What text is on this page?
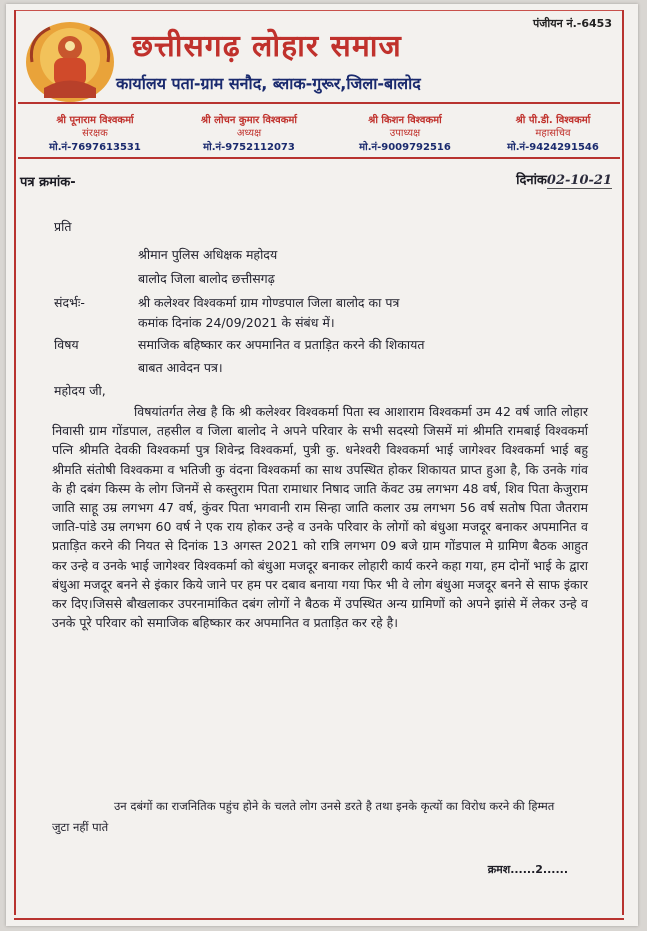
पंजीयन नं.-6453
छत्तीसगढ़ लोहार समाज
कार्यालय पता-ग्राम सनौद, ब्लाक-गुरूर,जिला-बालोद
श्री पूनाराम विश्वकर्मा
संरक्षक
मो.नं-7697613531
श्री लोचन कुमार विश्वकर्मा
अध्यक्ष
मो.नं-9752112073
श्री किशन विश्वकर्मा
उपाध्यक्ष
मो.नं-9009792516
श्री पी.डी. विश्वकर्मा
महासचिव
मो.नं-9424291546
पत्र क्रमांक-	दिनांक02-10-21
प्रति
श्रीमान पुलिस अधिक्षक महोदय
बालोद जिला बालोद छत्तीसगढ़
संदर्भः-	श्री कलेश्वर विश्वकर्मा ग्राम गोण्डपाल जिला बालोद का पत्र
कमांक दिनांक 24/09/2021 के संबंध में।
विषय	समाजिक बहिष्कार कर अपमानित व प्रताड़ित करने की शिकायत
बाबत आवेदन पत्र।
महोदय जी,
विषयांतर्गत लेख है कि श्री कलेश्वर विश्वकर्मा पिता स्व आशाराम विश्वकर्मा उम 42 वर्ष जाति लोहार निवासी ग्राम गोंडपाल, तहसील व जिला बालोद ने अपने परिवार के सभी सदस्यो जिसमें मां श्रीमति रामबाई विश्वकर्मा पत्नि श्रीमति देवकी विश्वकर्मा पुत्र शिवेन्द्र विश्वकर्मा, पुत्री कु. धनेश्वरी विश्वकर्मा भाई जागेश्वर विश्वकर्मा भाई बहु श्रीमति संतोषी विश्वकमा व भतिजी कु वंदना विश्वकर्मा का साथ उपस्थित होकर शिकायत प्राप्त हुआ है, कि उनके गांव के ही दबंग किस्म के लोग जिनमें से कस्तुराम पिता रामाधार निषाद जाति केंवट उम्र लगभग 48 वर्ष, शिव पिता केजुराम जाति साहू उम्र लगभग 47 वर्ष, कुंवर पिता भगवानी राम सिन्हा जाति कलार उम्र लगभग 56 वर्ष सतोष पिता जैतराम जाति-पांडे उम्र लगभग 60 वर्ष ने एक राय होकर उन्हे व उनके परिवार के लोगों को बंधुआ मजदूर बनाकर अपमानित व प्रताड़ित करने की नियत से दिनांक 13 अगस्त 2021 को रात्रि लगभग 09 बजे ग्राम गोंडपाल मे ग्रामिण बैठक आहुत कर उन्हे व उनके भाई जागेश्वर विश्वकर्मा को बंधुआ मजदूर बनाकर लोहारी कार्य करने कहा गया, हम दोनों भाई के द्वारा बंधुआ मजदूर बनने से इंकार किये जाने पर हम पर दबाव बनाया गया फिर भी वे लोग बंधुआ मजदूर बनने से साफ इंकार कर दिए।जिससे बौखलाकर उपरनामांकित दबंग लोगों ने बैठक में उपस्थित अन्य ग्रामिणों को अपने झांसे में लेकर उन्हे व उनके पूरे परिवार को समाजिक बहिष्कार कर अपमानित व प्रताड़ित कर रहे है।
उन दबंगों का राजनितिक पहुंच होने के चलते लोग उनसे डरते है तथा इनके कृत्यों का विरोध करने की हिम्मत जुटा नहीं पाते
क्रमश......2......
